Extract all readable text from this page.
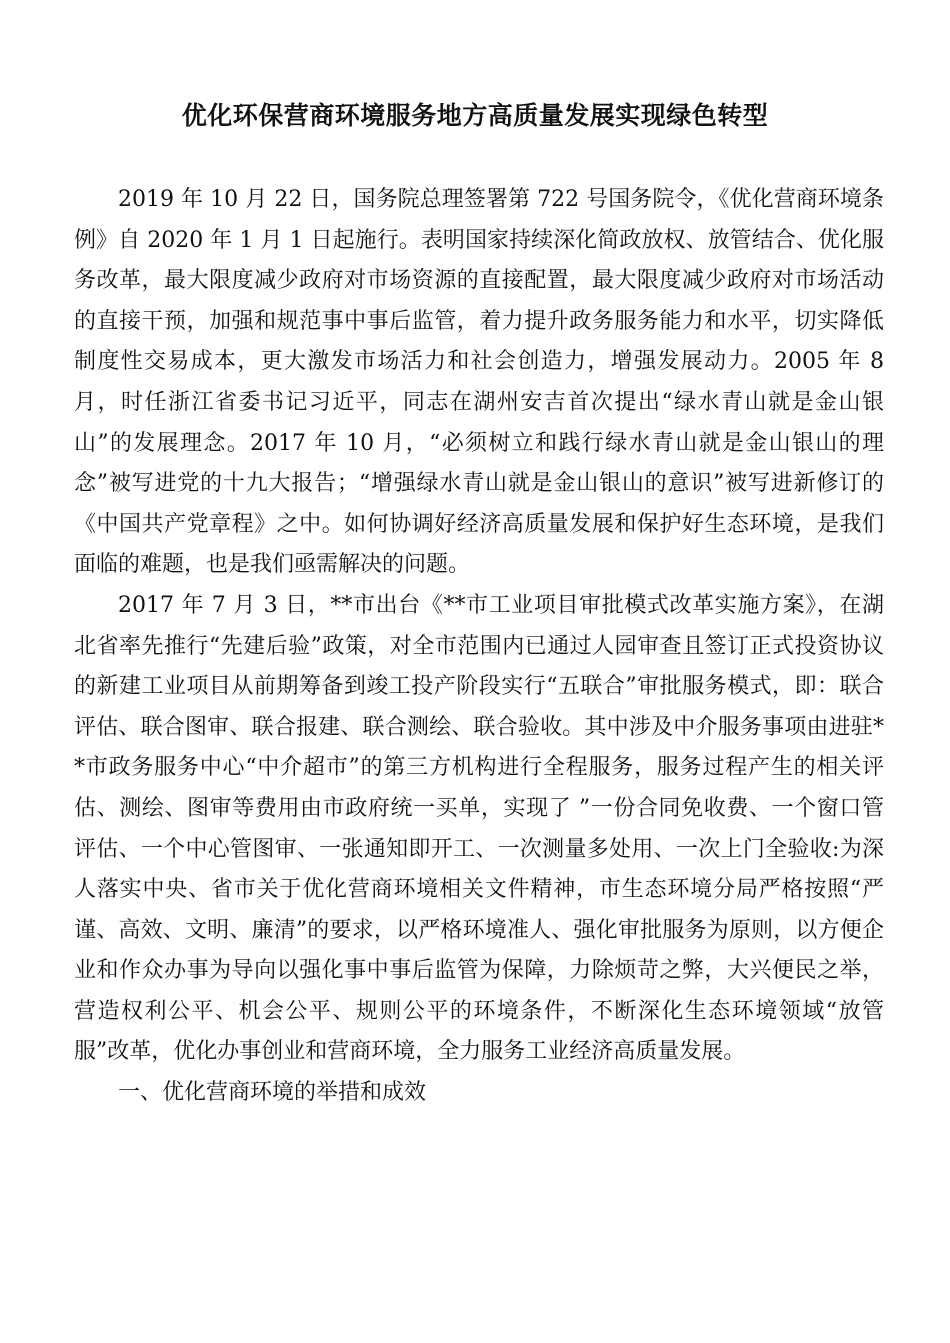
优化环保营商环境服务地方高质量发展实现绿色转型

2019 年 10 月 22 日，国务院总理签署第 722 号国务院令，《优化营商环境条例》自 2020 年 1 月 1 日起施行。表明国家持续深化简政放权、放管结合、优化服务改革，最大限度减少政府对市场资源的直接配置，最大限度减少政府对市场活动的直接干预，加强和规范事中事后监管，着力提升政务服务能力和水平，切实降低制度性交易成本，更大激发市场活力和社会创造力，增强发展动力。2005 年 8 月，时任浙江省委书记习近平，同志在湖州安吉首次提出“绿水青山就是金山银山”的发展理念。2017 年 10 月，“必须树立和践行绿水青山就是金山银山的理念”被写进党的十九大报告；“增强绿水青山就是金山银山的意识”被写进新修订的《中国共产党章程》之中。如何协调好经济高质量发展和保护好生态环境，是我们面临的难题，也是我们亟需解决的问题。

2017 年 7 月 3 日，**市出台《**市工业项目审批模式改革实施方案》，在湖北省率先推行“先建后验”政策，对全市范围内已通过人园审查且签订正式投资协议的新建工业项目从前期筹备到竣工投产阶段实行“五联合”审批服务模式，即：联合评估、联合图审、联合报建、联合测绘、联合验收。其中涉及中介服务事项由进驻**市政务服务中心“中介超市”的第三方机构进行全程服务，服务过程产生的相关评估、测绘、图审等费用由市政府统一买单，实现了 ”一份合同免收费、一个窗口管评估、一个中心管图审、一张通知即开工、一次测量多处用、一次上门全验收:为深人落实中央、省市关于优化营商环境相关文件精神，市生态环境分局严格按照“严谨、高效、文明、廉清”的要求，以严格环境准人、强化审批服务为原则，以方便企业和作众办事为导向以强化事中事后监管为保障，力除烦苛之弊，大兴便民之举，营造权利公平、机会公平、规则公平的环境条件，不断深化生态环境领域“放管服”改革，优化办事创业和营商环境，全力服务工业经济高质量发展。

一、优化营商环境的举措和成效
